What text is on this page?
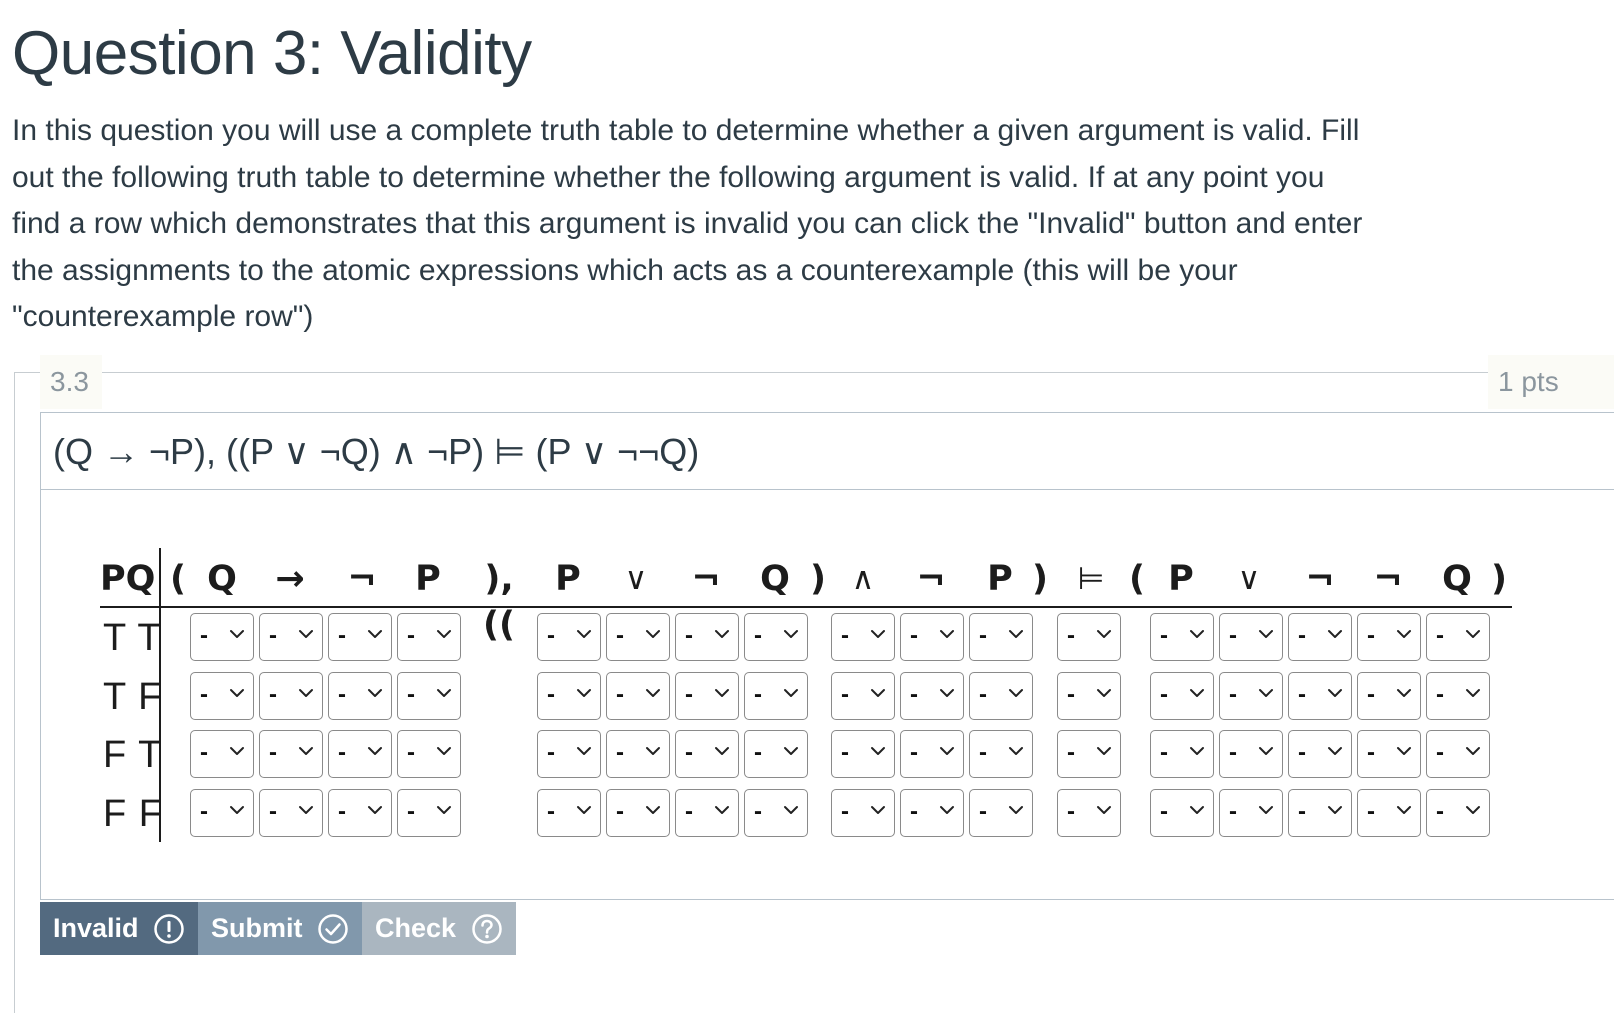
Question 3: Validity

In this question you will use a complete truth table to determine whether a given argument is valid. Fill out the following truth table to determine whether the following argument is valid. If at any point you find a row which demonstrates that this argument is invalid you can click the "Invalid" button and enter the assignments to the atomic expressions which acts as a counterexample (this will be your "counterexample row")

3.3	1 pts
(Q → ¬P), ((P ∨ ¬Q) ∧ ¬P) ⊨ (P ∨ ¬¬Q)
PQ ( Q → ¬ P ),((
P ∨ ¬ Q ) ∧ ¬ P ) ⊨ ( P ∨ ¬ ¬ Q )
T T -	-	-	-	-	-	-	-	-	-	-	-	-	-	-	-	-
T F -	-	-	-	-	-	-	-	-	-	-	-	-	-	-	-	-
F T -	-	-	-	-	-	-	-	-	-	-	-	-	-	-	-	-
F F -	-	-	-	-	-	-	-	-	-	-	-	-	-	-	-	-
Invalid	Submit	Check
